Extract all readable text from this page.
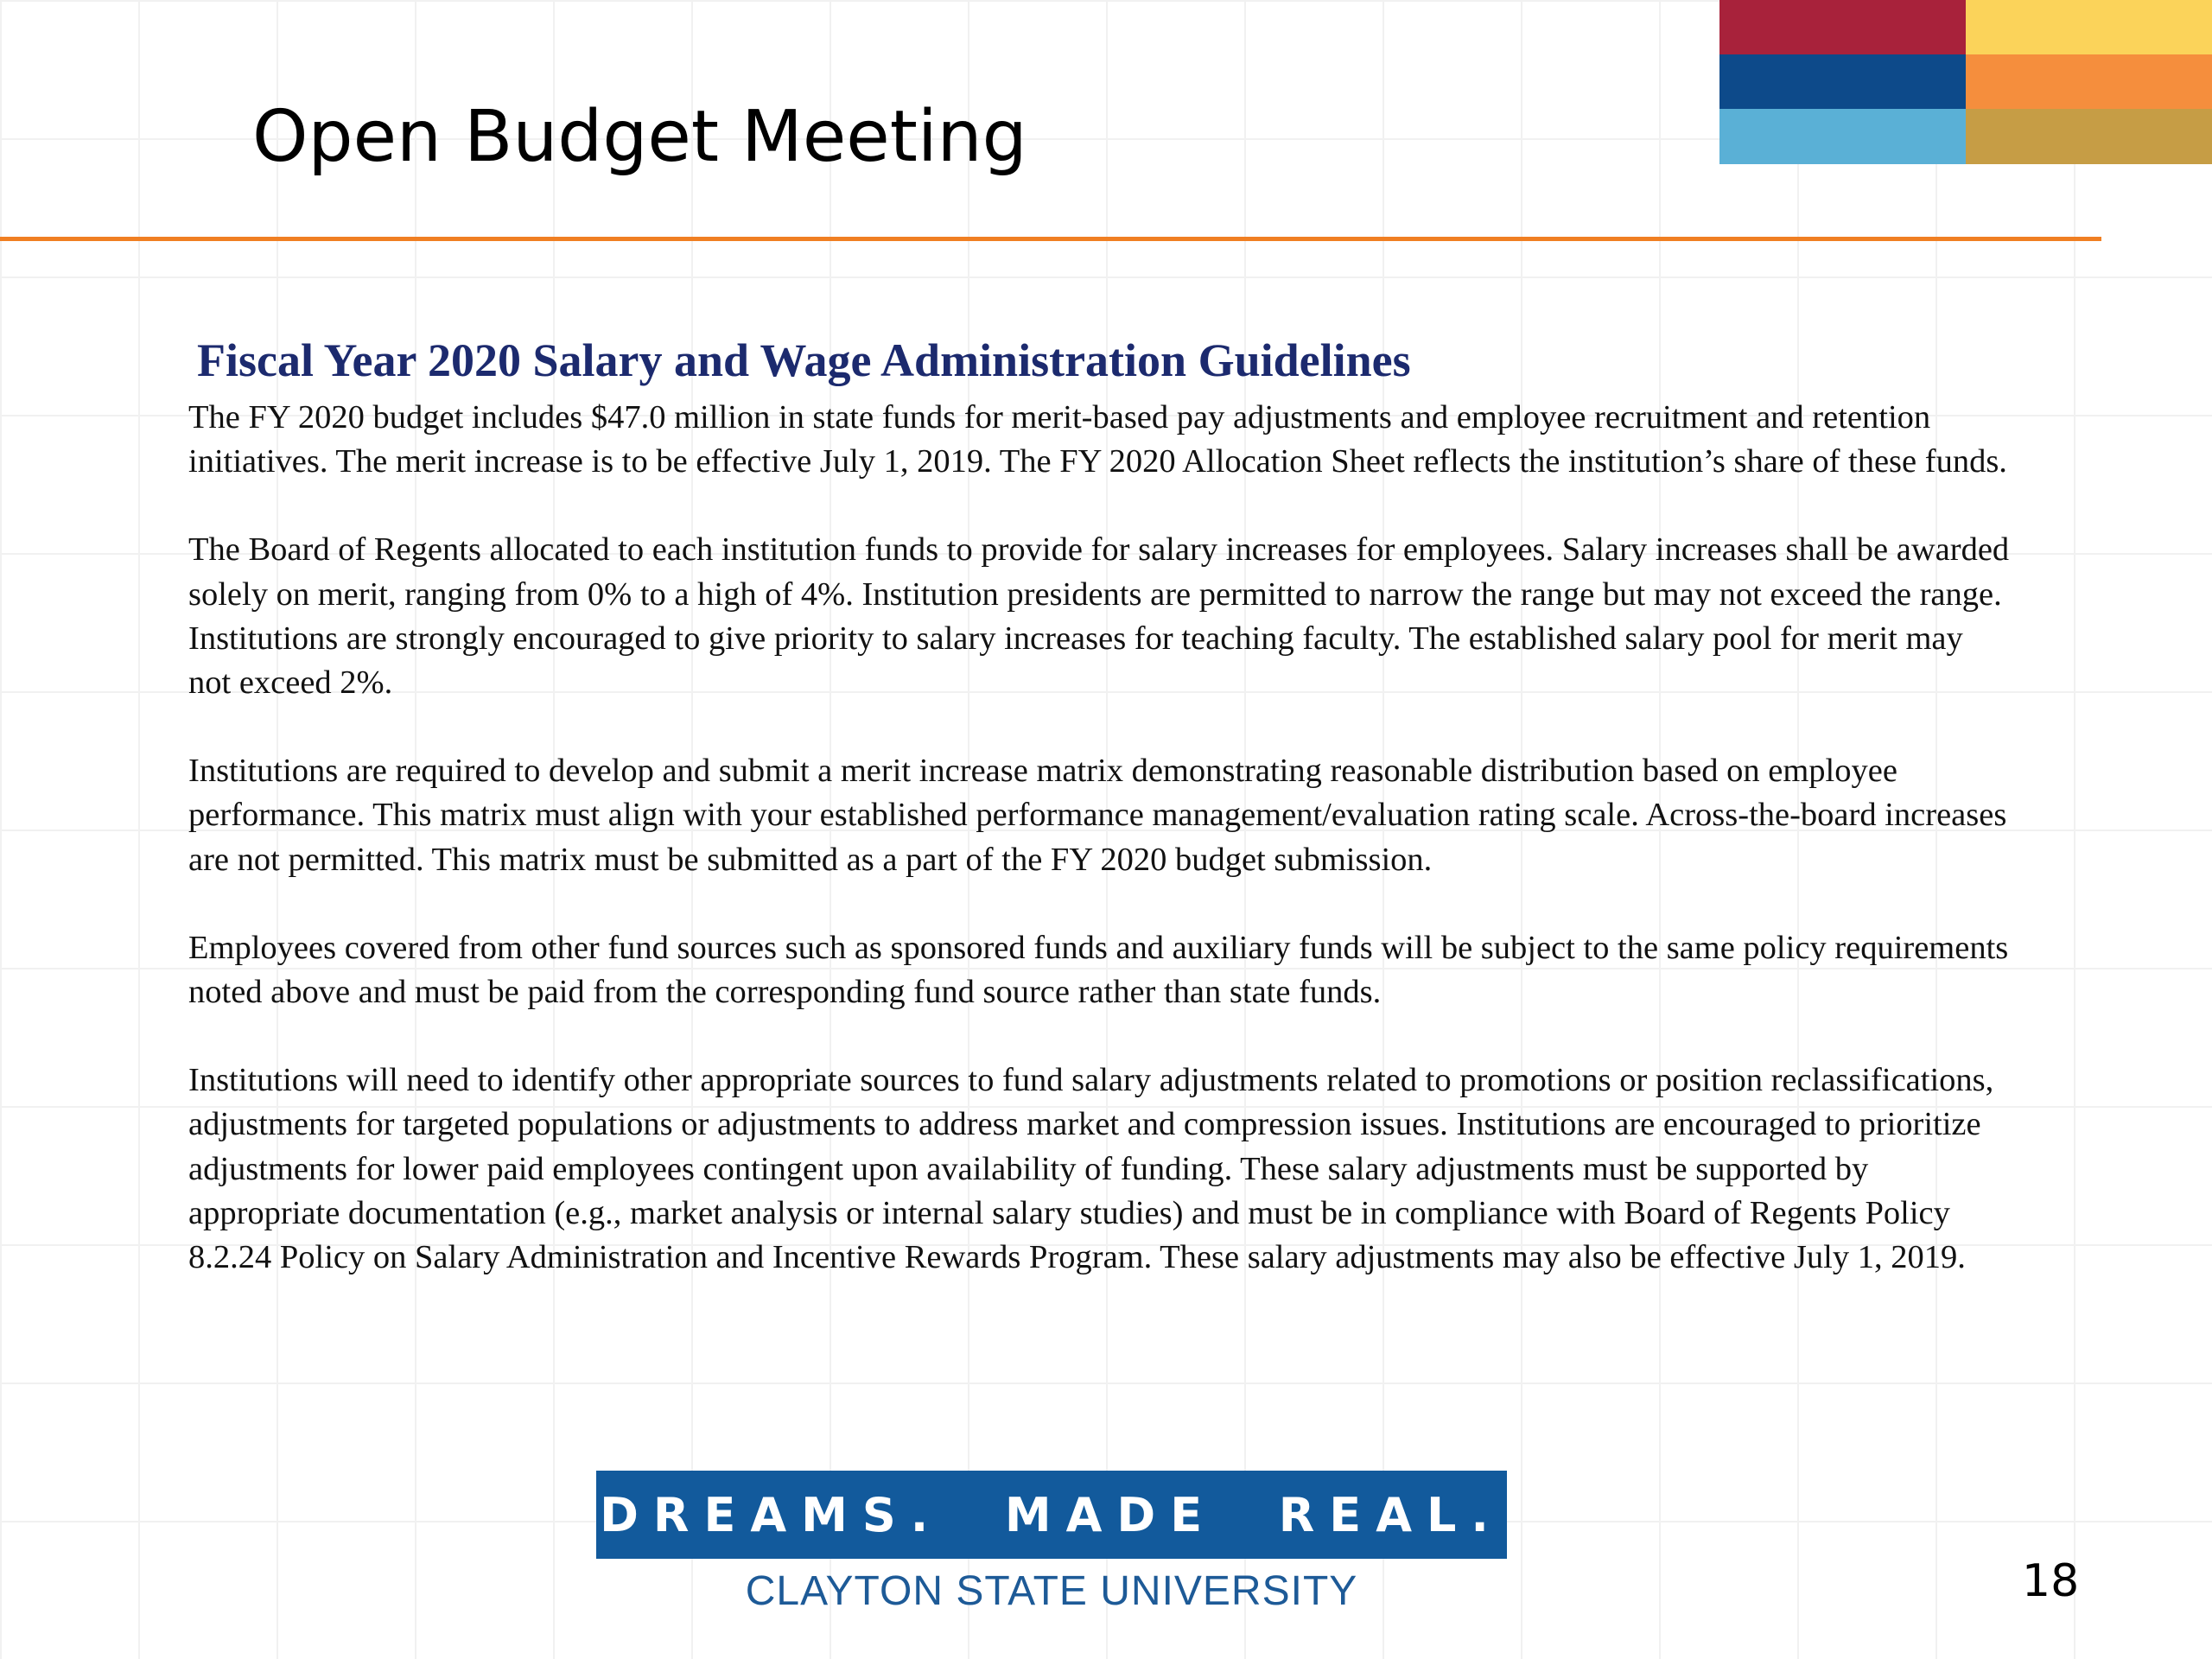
Open Budget Meeting
Fiscal Year 2020 Salary and Wage Administration Guidelines

The FY 2020 budget includes $47.0 million in state funds for merit-based pay adjustments and employee recruitment and retention initiatives. The merit increase is to be effective July 1, 2019. The FY 2020 Allocation Sheet reflects the institution’s share of these funds.

The Board of Regents allocated to each institution funds to provide for salary increases for employees. Salary increases shall be awarded solely on merit, ranging from 0% to a high of 4%. Institution presidents are permitted to narrow the range but may not exceed the range. Institutions are strongly encouraged to give priority to salary increases for teaching faculty. The established salary pool for merit may not exceed 2%.

Institutions are required to develop and submit a merit increase matrix demonstrating reasonable distribution based on employee performance. This matrix must align with your established performance management/evaluation rating scale. Across-the-board increases are not permitted. This matrix must be submitted as a part of the FY 2020 budget submission.

Employees covered from other fund sources such as sponsored funds and auxiliary funds will be subject to the same policy requirements noted above and must be paid from the corresponding fund source rather than state funds.

Institutions will need to identify other appropriate sources to fund salary adjustments related to promotions or position reclassifications, adjustments for targeted populations or adjustments to address market and compression issues. Institutions are encouraged to prioritize adjustments for lower paid employees contingent upon availability of funding. These salary adjustments must be supported by appropriate documentation (e.g., market analysis or internal salary studies) and must be in compliance with Board of Regents Policy 8.2.24 Policy on Salary Administration and Incentive Rewards Program. These salary adjustments may also be effective July 1, 2019.

DREAMS.  MADE  REAL.
CLAYTON STATE UNIVERSITY	18
